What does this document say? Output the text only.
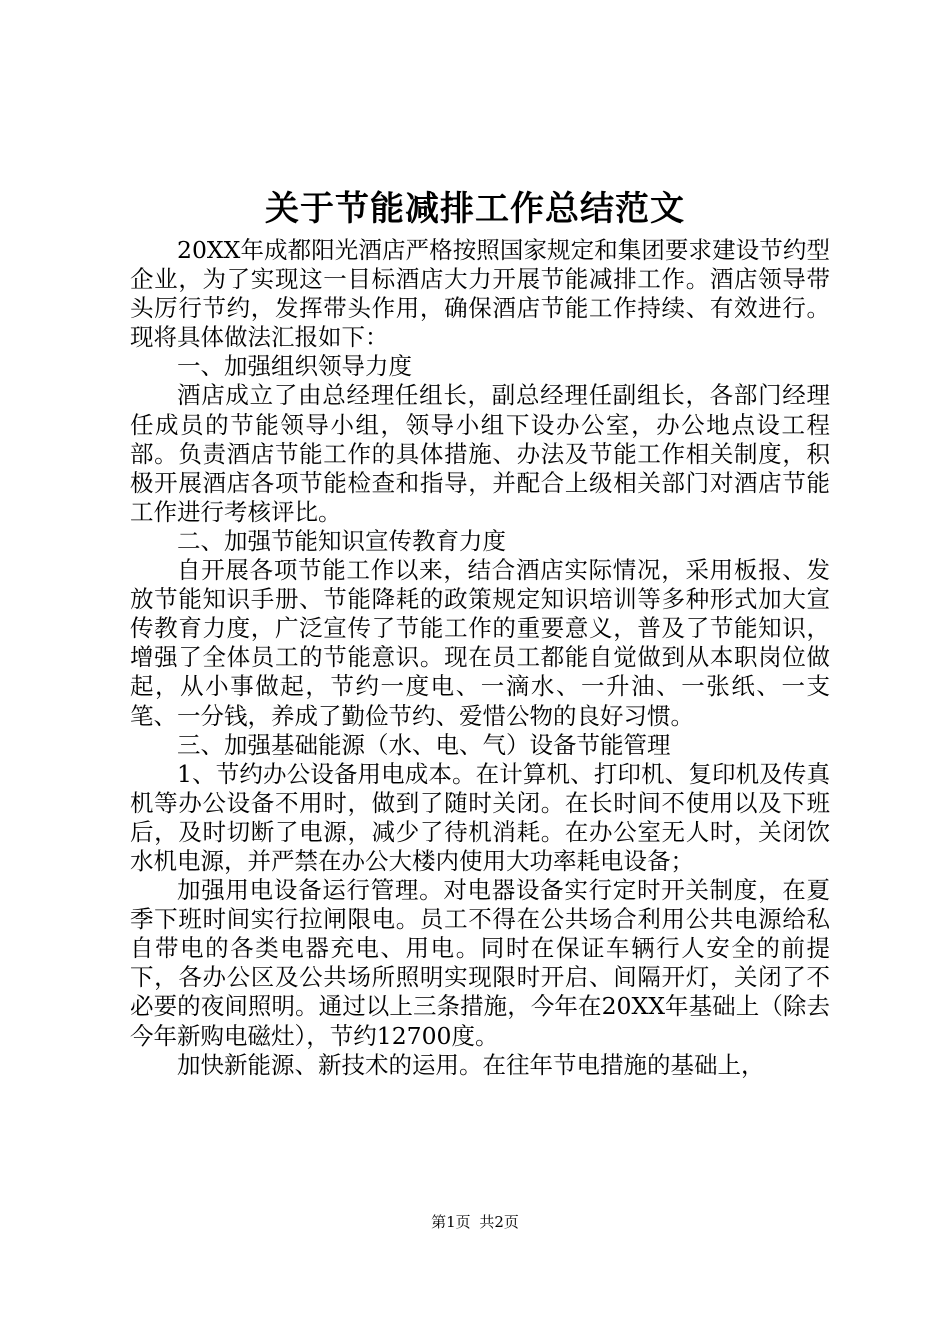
关于节能减排工作总结范文

20XX年成都阳光酒店严格按照国家规定和集团要求建设节约型企业，为了实现这一目标酒店大力开展节能减排工作。酒店领导带头厉行节约，发挥带头作用，确保酒店节能工作持续、有效进行。现将具体做法汇报如下：

一、加强组织领导力度

酒店成立了由总经理任组长，副总经理任副组长，各部门经理任成员的节能领导小组，领导小组下设办公室，办公地点设工程部。负责酒店节能工作的具体措施、办法及节能工作相关制度，积极开展酒店各项节能检查和指导，并配合上级相关部门对酒店节能工作进行考核评比。

二、加强节能知识宣传教育力度

自开展各项节能工作以来，结合酒店实际情况，采用板报、发放节能知识手册、节能降耗的政策规定知识培训等多种形式加大宣传教育力度，广泛宣传了节能工作的重要意义，普及了节能知识，增强了全体员工的节能意识。现在员工都能自觉做到从本职岗位做起，从小事做起，节约一度电、一滴水、一升油、一张纸、一支笔、一分钱，养成了勤俭节约、爱惜公物的良好习惯。

三、加强基础能源（水、电、气）设备节能管理

1、节约办公设备用电成本。在计算机、打印机、复印机及传真机等办公设备不用时，做到了随时关闭。在长时间不使用以及下班后，及时切断了电源，减少了待机消耗。在办公室无人时，关闭饮水机电源，并严禁在办公大楼内使用大功率耗电设备；

加强用电设备运行管理。对电器设备实行定时开关制度，在夏季下班时间实行拉闸限电。员工不得在公共场合利用公共电源给私自带电的各类电器充电、用电。同时在保证车辆行人安全的前提下，各办公区及公共场所照明实现限时开启、间隔开灯，关闭了不必要的夜间照明。通过以上三条措施，今年在20XX年基础上（除去今年新购电磁灶），节约12700度。

加快新能源、新技术的运用。在往年节电措施的基础上，

第1页 共2页
